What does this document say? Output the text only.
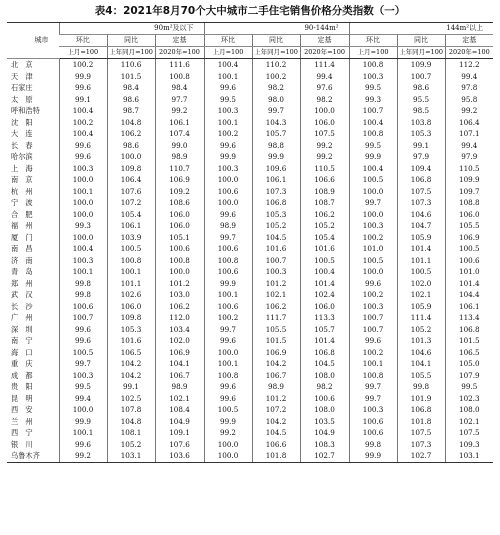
表4：2021年8月70个大中城市二手住宅销售价格分类指数（一）
城市	90m²及以下			90-144m²			144m²以上		
	环比	同比	定基	环比	同比	定基	环比	同比	定基
	上月=100	上年同月=100	2020年=100	上月=100	上年同月=100	2020年=100	上月=100	上年同月=100	2020年=100
北　京	100.2	110.6	111.6	100.4	110.2	111.4	100.8	109.9	112.2
天　津	99.9	101.5	100.8	100.1	100.2	99.4	100.3	100.7	99.4
石家庄	99.6	98.4	98.4	99.6	98.2	97.6	99.5	98.6	97.8
太　原	99.1	98.6	97.7	99.5	98.0	98.2	99.3	95.5	95.8
呼和浩特	100.4	98.7	99.2	100.3	99.7	100.0	100.7	98.5	99.2
沈　阳	100.2	104.8	106.1	100.1	104.3	106.0	100.4	103.8	106.4
大　连	100.4	106.2	107.4	100.2	105.7	107.5	100.8	105.3	107.1
长　春	99.6	98.6	99.0	99.6	98.8	99.2	99.5	99.1	99.4
哈尔滨	99.6	100.0	98.9	99.9	99.9	99.2	99.9	97.9	97.9
上　海	100.3	109.8	110.7	100.3	109.6	110.5	100.4	109.4	110.5
南　京	100.0	106.4	106.9	100.0	106.1	106.6	100.5	106.8	109.9
杭　州	100.1	107.6	109.2	100.6	107.3	108.9	100.0	107.5	109.7
宁　波	100.0	107.2	108.6	100.0	106.8	108.7	99.7	107.3	108.8
合　肥	100.0	105.4	106.0	99.6	105.3	106.2	100.0	104.6	106.0
福　州	99.3	106.1	106.0	98.9	105.2	105.2	100.3	104.7	105.5
厦　门	100.0	103.9	105.1	99.7	104.5	105.4	100.2	105.9	106.9
南　昌	100.4	100.5	100.6	100.6	101.6	101.6	101.0	101.4	100.5
济　南	100.3	100.8	100.8	100.8	100.7	100.5	100.5	101.1	100.6
青　岛	100.1	100.1	100.0	100.6	100.3	100.4	100.0	100.5	101.0
郑　州	99.8	101.1	101.2	99.9	101.2	101.4	99.6	102.0	101.4
武　汉	99.8	102.6	103.0	100.1	102.1	102.4	100.2	102.1	104.4
长　沙	100.6	106.0	106.2	100.6	106.2	106.0	100.3	105.9	106.1
广　州	100.7	109.8	112.0	100.2	111.7	113.3	100.7	111.4	113.4
深　圳	99.6	105.3	103.4	99.7	105.5	105.7	100.7	105.2	106.8
南　宁	99.6	101.6	102.0	99.6	101.5	101.4	99.6	101.3	101.5
海　口	100.5	106.5	106.9	100.0	106.9	106.8	100.2	104.6	106.5
重　庆	99.7	104.2	104.1	100.1	104.2	104.5	100.1	104.1	105.0
成　都	100.3	104.2	106.7	100.8	106.7	108.0	100.8	105.5	107.9
贵　阳	99.5	99.1	98.9	99.6	98.9	98.2	99.7	99.8	99.5
昆　明	99.4	102.5	102.1	99.6	101.2	100.6	99.7	101.9	102.3
西　安	100.0	107.8	108.4	100.5	107.2	108.0	100.3	106.8	108.0
兰　州	99.9	104.8	104.9	99.9	104.2	103.5	100.6	101.8	102.1
西　宁	100.1	108.1	109.1	99.2	104.5	104.9	100.6	107.5	107.5
银　川	99.6	105.2	107.6	100.0	106.6	108.3	99.8	107.3	109.3
乌鲁木齐	99.2	103.1	103.6	100.0	101.8	102.7	99.9	102.7	103.1
